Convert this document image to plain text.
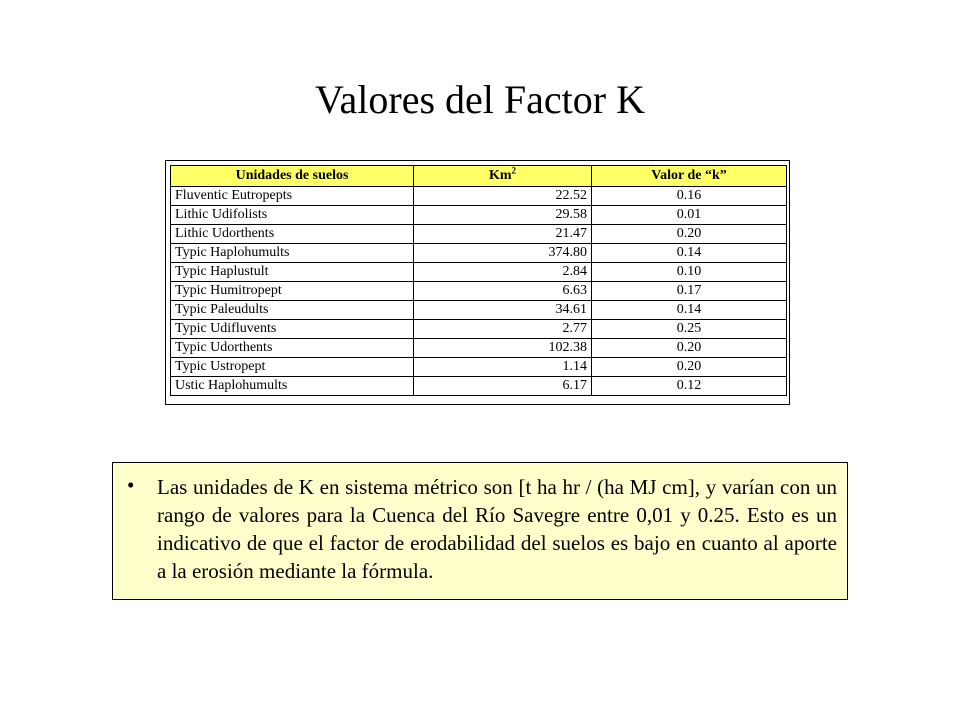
Valores del Factor K
Unidades de suelos	Km$^2$	Valor de “k”
Fluventic Eutropepts	22.52	0.16
Lithic Udifolists	29.58	0.01
Lithic Udorthents	21.47	0.20
Typic Haplohumults	374.80	0.14
Typic Haplustult	2.84	0.10
Typic Humitropept	6.63	0.17
Typic Paleudults	34.61	0.14
Typic Udifluvents	2.77	0.25
Typic Udorthents	102.38	0.20
Typic Ustropept	1.14	0.20
Ustic Haplohumults	6.17	0.12
• Las unidades de K en sistema métrico son [t ha hr / (ha MJ cm], y varían con un rango de valores para la Cuenca del Río Savegre entre 0,01 y 0.25. Esto es un indicativo de que el factor de erodabilidad del suelos es bajo en cuanto al aporte a la erosión mediante la fórmula.
